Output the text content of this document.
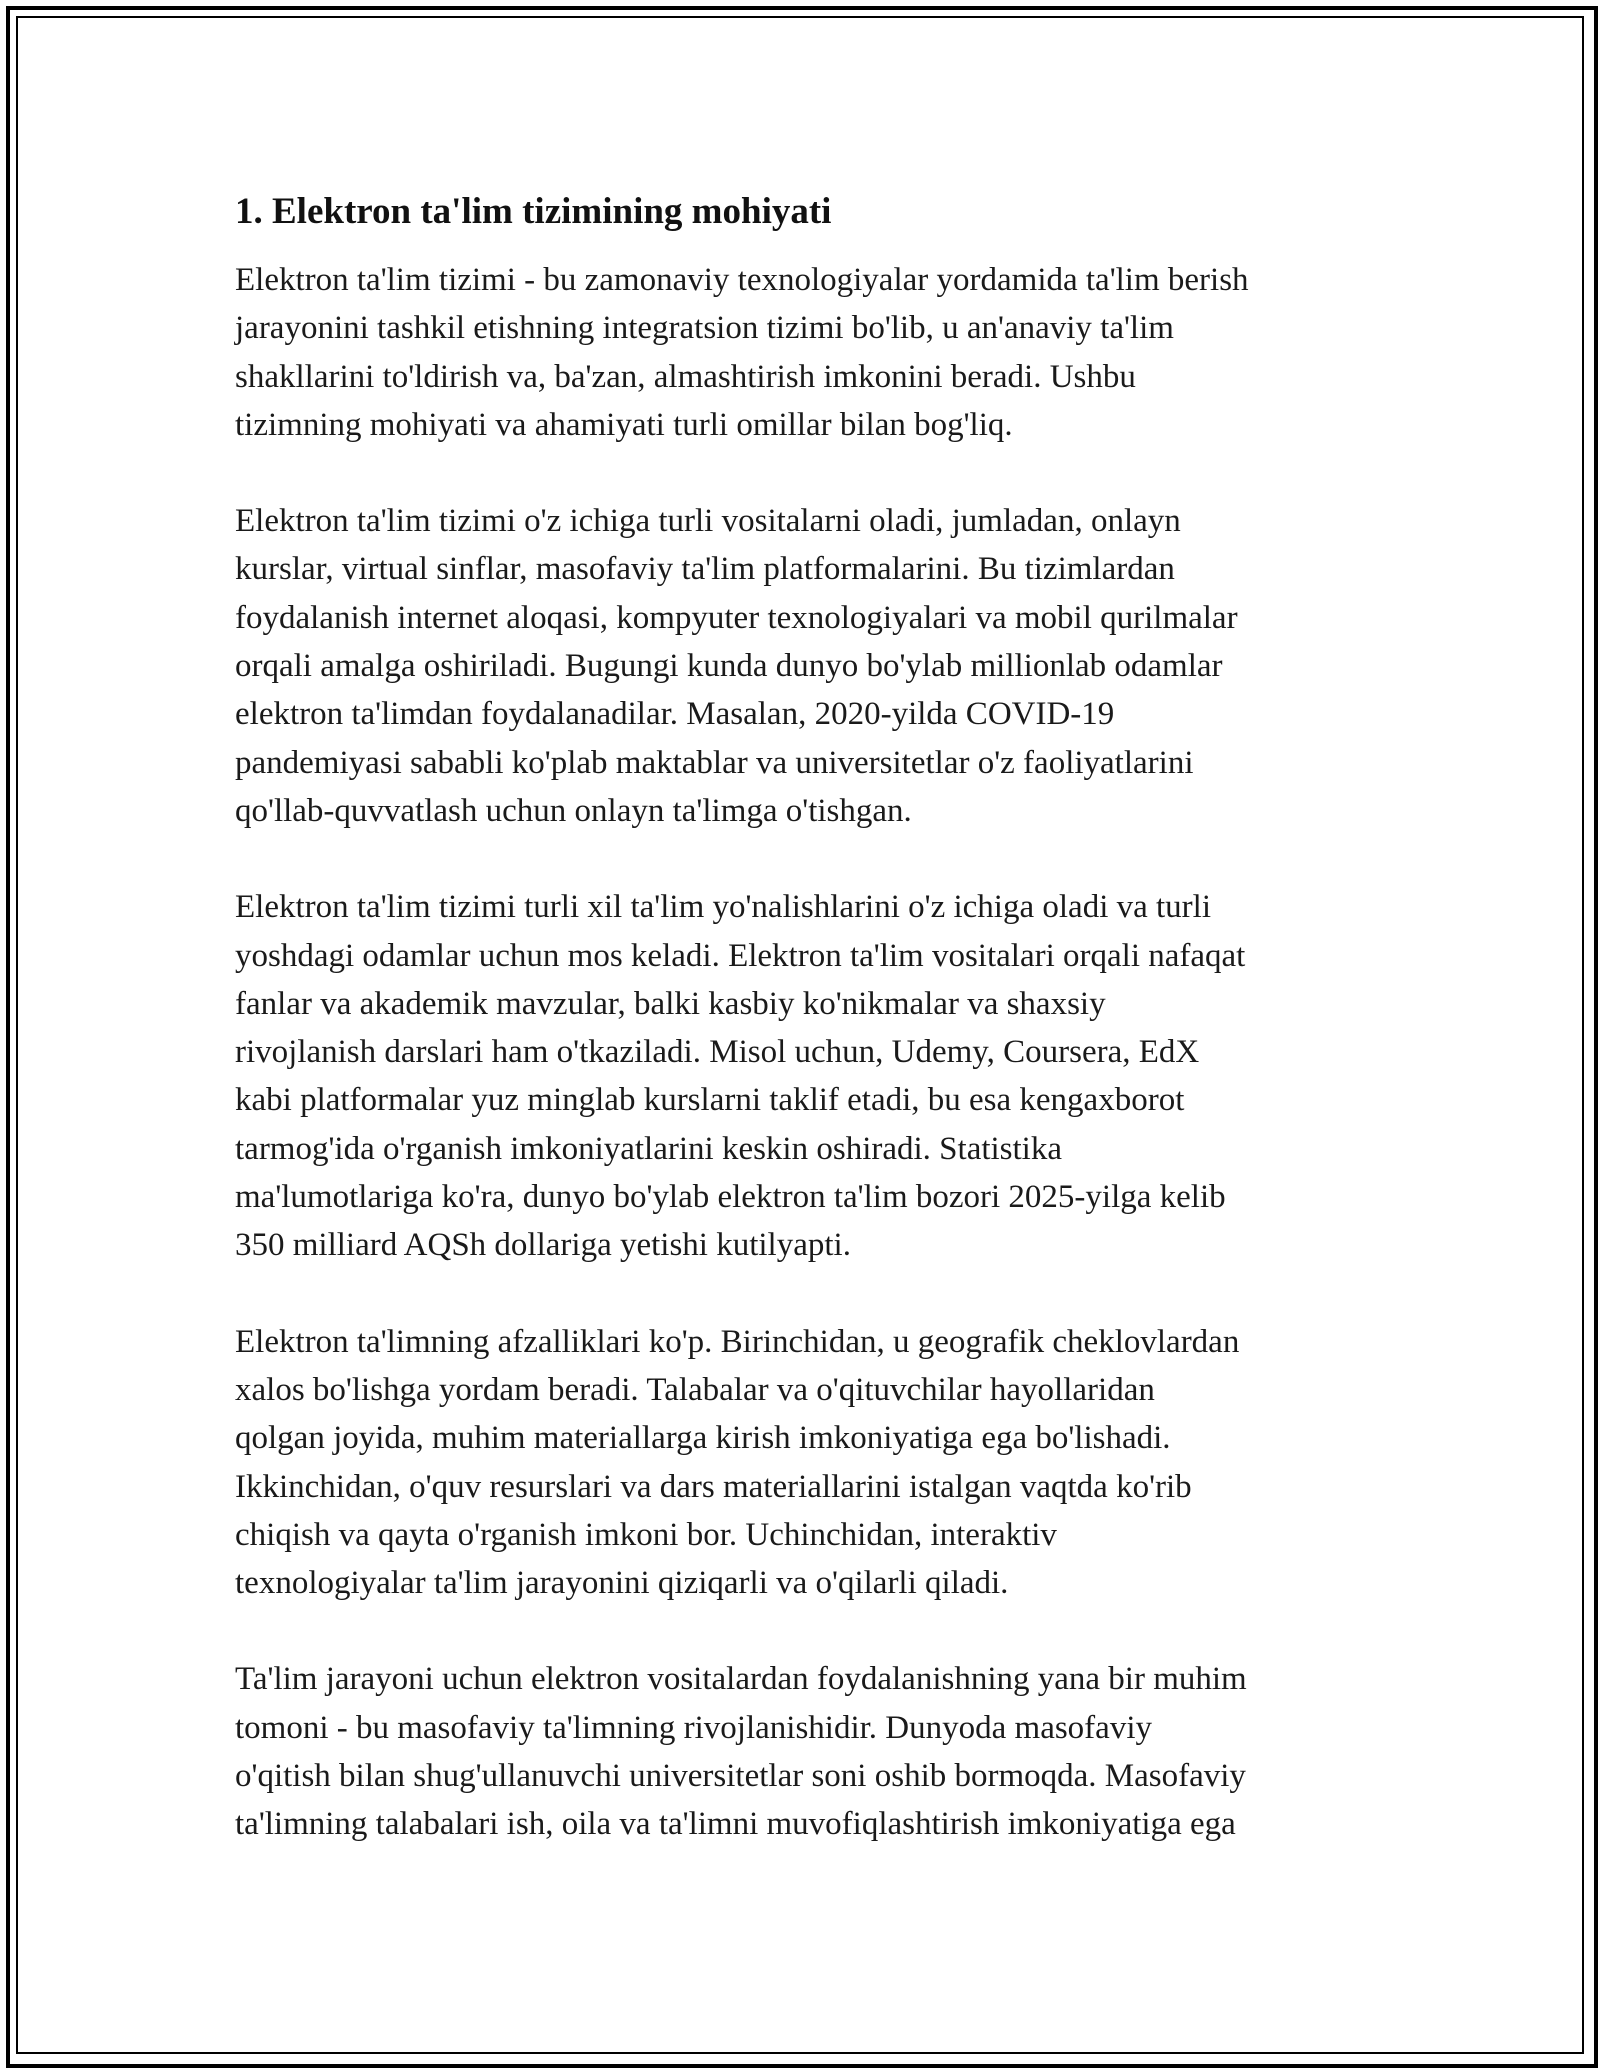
1. Elektron ta'lim tizimining mohiyati
Elektron ta'lim tizimi - bu zamonaviy texnologiyalar yordamida ta'lim berish
jarayonini tashkil etishning integratsion tizimi bo'lib, u an'anaviy ta'lim
shakllarini to'ldirish va, ba'zan, almashtirish imkonini beradi. Ushbu
tizimning mohiyati va ahamiyati turli omillar bilan bog'liq.
Elektron ta'lim tizimi o'z ichiga turli vositalarni oladi, jumladan, onlayn
kurslar, virtual sinflar, masofaviy ta'lim platformalarini. Bu tizimlardan
foydalanish internet aloqasi, kompyuter texnologiyalari va mobil qurilmalar
orqali amalga oshiriladi. Bugungi kunda dunyo bo'ylab millionlab odamlar
elektron ta'limdan foydalanadilar. Masalan, 2020-yilda COVID-19
pandemiyasi sababli ko'plab maktablar va universitetlar o'z faoliyatlarini
qo'llab-quvvatlash uchun onlayn ta'limga o'tishgan.
Elektron ta'lim tizimi turli xil ta'lim yo'nalishlarini o'z ichiga oladi va turli
yoshdagi odamlar uchun mos keladi. Elektron ta'lim vositalari orqali nafaqat
fanlar va akademik mavzular, balki kasbiy ko'nikmalar va shaxsiy
rivojlanish darslari ham o'tkaziladi. Misol uchun, Udemy, Coursera, EdX
kabi platformalar yuz minglab kurslarni taklif etadi, bu esa kengaxborot
tarmog'ida o'rganish imkoniyatlarini keskin oshiradi. Statistika
ma'lumotlariga ko'ra, dunyo bo'ylab elektron ta'lim bozori 2025-yilga kelib
350 milliard AQSh dollariga yetishi kutilyapti.
Elektron ta'limning afzalliklari ko'p. Birinchidan, u geografik cheklovlardan
xalos bo'lishga yordam beradi. Talabalar va o'qituvchilar hayollaridan
qolgan joyida, muhim materiallarga kirish imkoniyatiga ega bo'lishadi.
Ikkinchidan, o'quv resurslari va dars materiallarini istalgan vaqtda ko'rib
chiqish va qayta o'rganish imkoni bor. Uchinchidan, interaktiv
texnologiyalar ta'lim jarayonini qiziqarli va o'qilarli qiladi.
Ta'lim jarayoni uchun elektron vositalardan foydalanishning yana bir muhim
tomoni - bu masofaviy ta'limning rivojlanishidir. Dunyoda masofaviy
o'qitish bilan shug'ullanuvchi universitetlar soni oshib bormoqda. Masofaviy
ta'limning talabalari ish, oila va ta'limni muvofiqlashtirish imkoniyatiga ega
